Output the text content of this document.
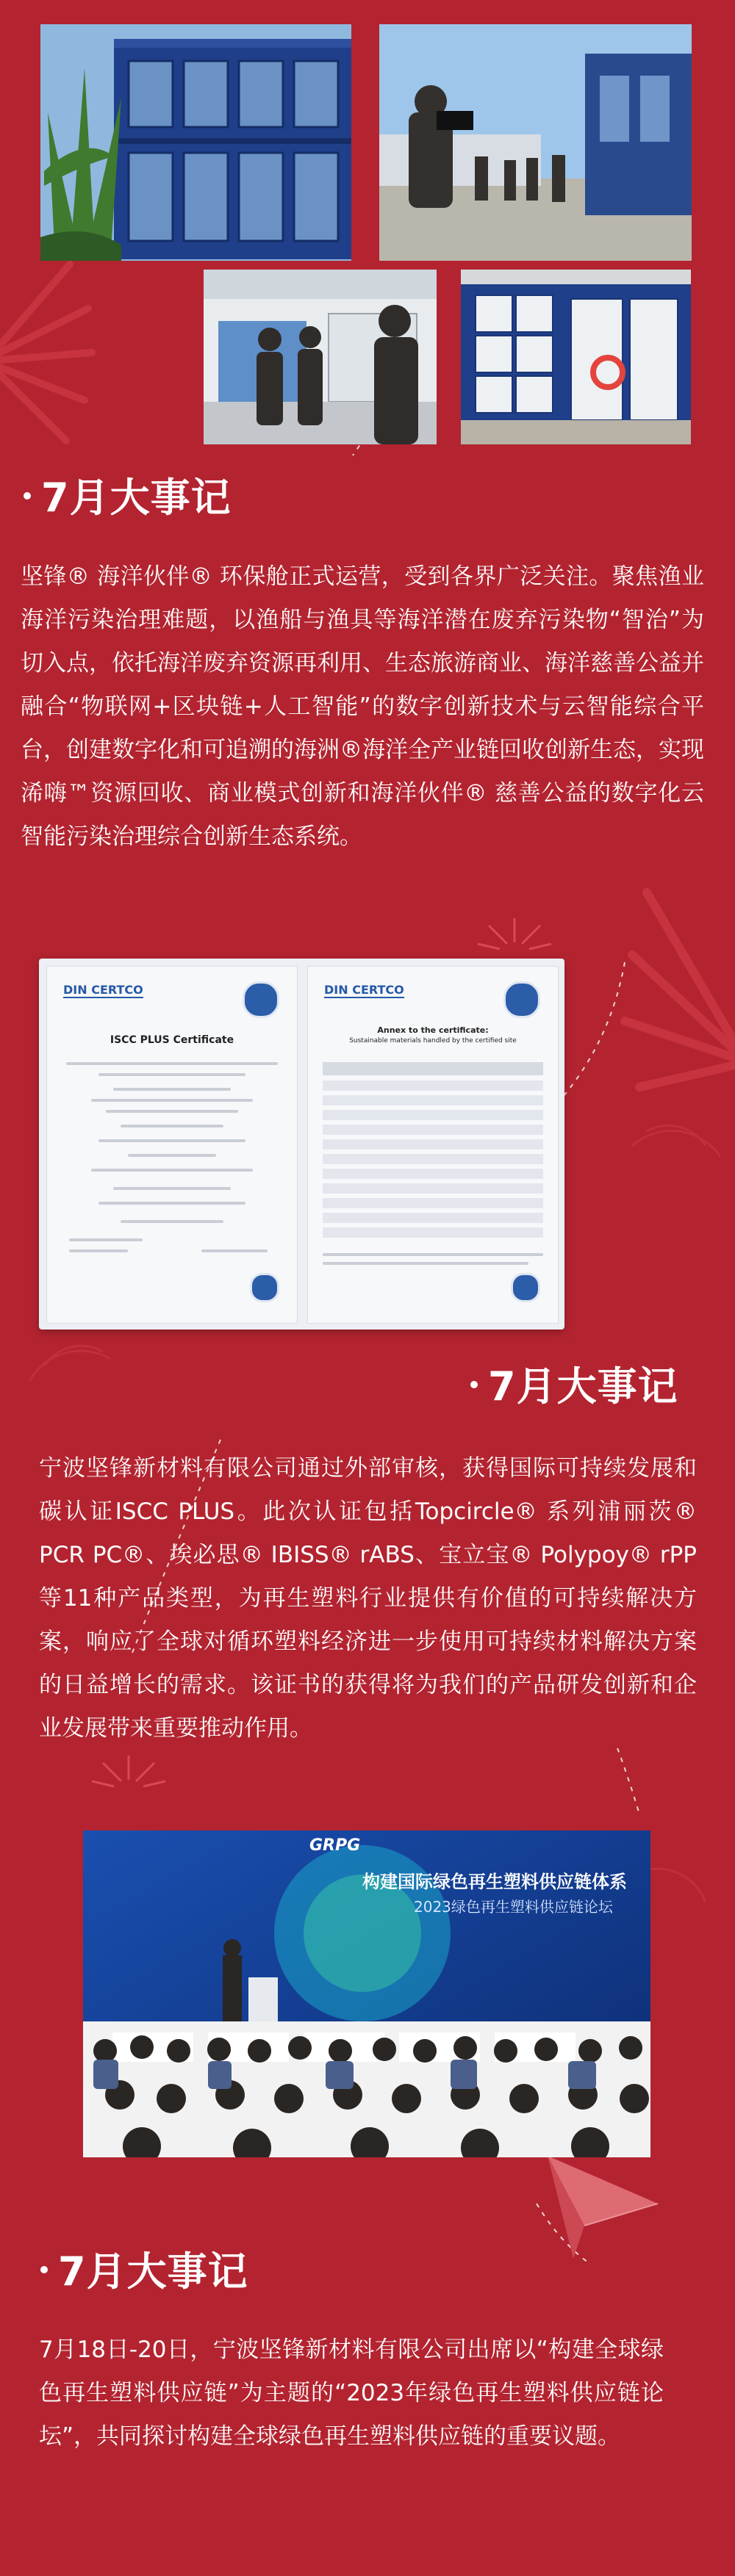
7月大事记

坚锋® 海洋伙伴® 环保舱正式运营，受到各界广泛关注。聚焦渔业海洋污染治理难题，以渔船与渔具等海洋潜在废弃污染物“智治”为切入点，依托海洋废弃资源再利用、生态旅游商业、海洋慈善公益并融合“物联网+区块链+人工智能”的数字创新技术与云智能综合平台，创建数字化和可追溯的海洲®海洋全产业链回收创新生态，实现浠嗨™资源回收、商业模式创新和海洋伙伴® 慈善公益的数字化云智能污染治理综合创新生态系统。

DIN CERTCO
ISCC PLUS Certificate
DIN CERTCO
Annex to the certificate:
Sustainable materials handled by the certified site
7月大事记

宁波坚锋新材料有限公司通过外部审核，获得国际可持续发展和碳认证ISCC PLUS。此次认证包括Topcircle® 系列浦丽茨® PCR PC®、埃必思® IBISS® rABS、宝立宝® Polypoy® rPP等11种产品类型，为再生塑料行业提供有价值的可持续解决方案，响应了全球对循环塑料经济进一步使用可持续材料解决方案的日益增长的需求。该证书的获得将为我们的产品研发创新和企业发展带来重要推动作用。

GRPG
构建国际绿色再生塑料供应链体系
2023绿色再生塑料供应链论坛
7月大事记

7月18日-20日，宁波坚锋新材料有限公司出席以“构建全球绿色再生塑料供应链”为主题的“2023年绿色再生塑料供应链论坛”，共同探讨构建全球绿色再生塑料供应链的重要议题。
